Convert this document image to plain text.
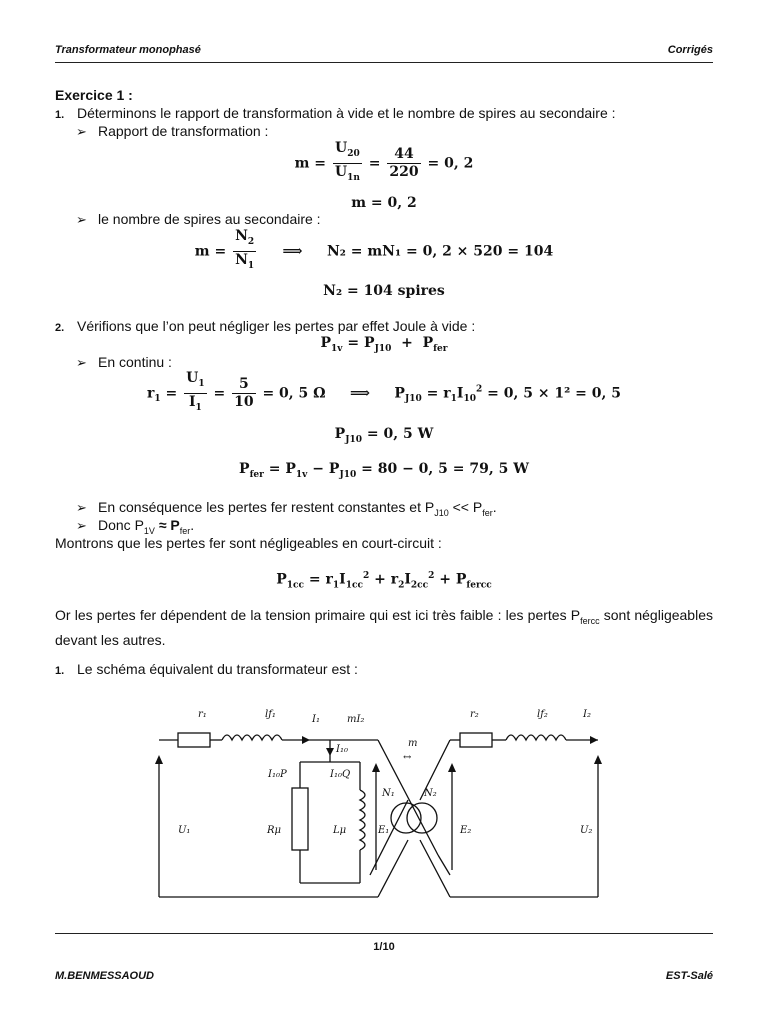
Transformateur monophasé	Corrigés
Exercice 1 :
1. Déterminons le rapport de transformation à vide et le nombre de spires au secondaire :
➢ Rapport de transformation :
$m = \frac{U_{20}}{U_{1n}} = \frac{44}{220} = 0$, 2
m = 0, 2
➢ le nombre de spires au secondaire :
$m = \frac{N_2}{N_1}$ ⟹     N₂ = mN₁ = 0, 2 × 520 = 104
N₂ = 104 spires
2. Vérifions que l’on peut négliger les pertes par effet Joule à vide :
$P_{1v} = P_{J10} + P_{fer}$
➢ En continu :
$r_1 = \frac{U_1}{I_1} = \frac{5}{10} = 0$, 5 Ω     ⟹     $P_{J10} = r_1I_{10}^2 = 0$, 5 × 1² = 0, 5
$P_{J10} = 0$, 5 W
$P_{fer} = P_{1v} - P_{J10} = 80 - 0$, 5 = 79, 5 W
➢ En conséquence les pertes fer restent constantes et $P_{J10} << P_{fer}$.
➢ Donc $P_{1V} \approx P_{fer}$.
Montrons que les pertes fer sont négligeables en court-circuit :
$P_{1cc} = r_1I_{1cc}^2 + r_2I_{2cc}^2 + P_{fercc}$
Or les pertes fer dépendent de la tension primaire qui est ici très faible : les pertes $P_{fercc}$ sont négligeables devant les autres.
1. Le schéma équivalent du transformateur est :
r₁	lƒ₁	I₁	mI₂	r₂	lƒ₂	I₂
m
↔
I₁₀
I₁₀P	I₁₀Q
N₁	N₂
U₁	Rμ	Lμ	E₁	E₂	U₂
1/10
M.BENMESSAOUD	EST-Salé
